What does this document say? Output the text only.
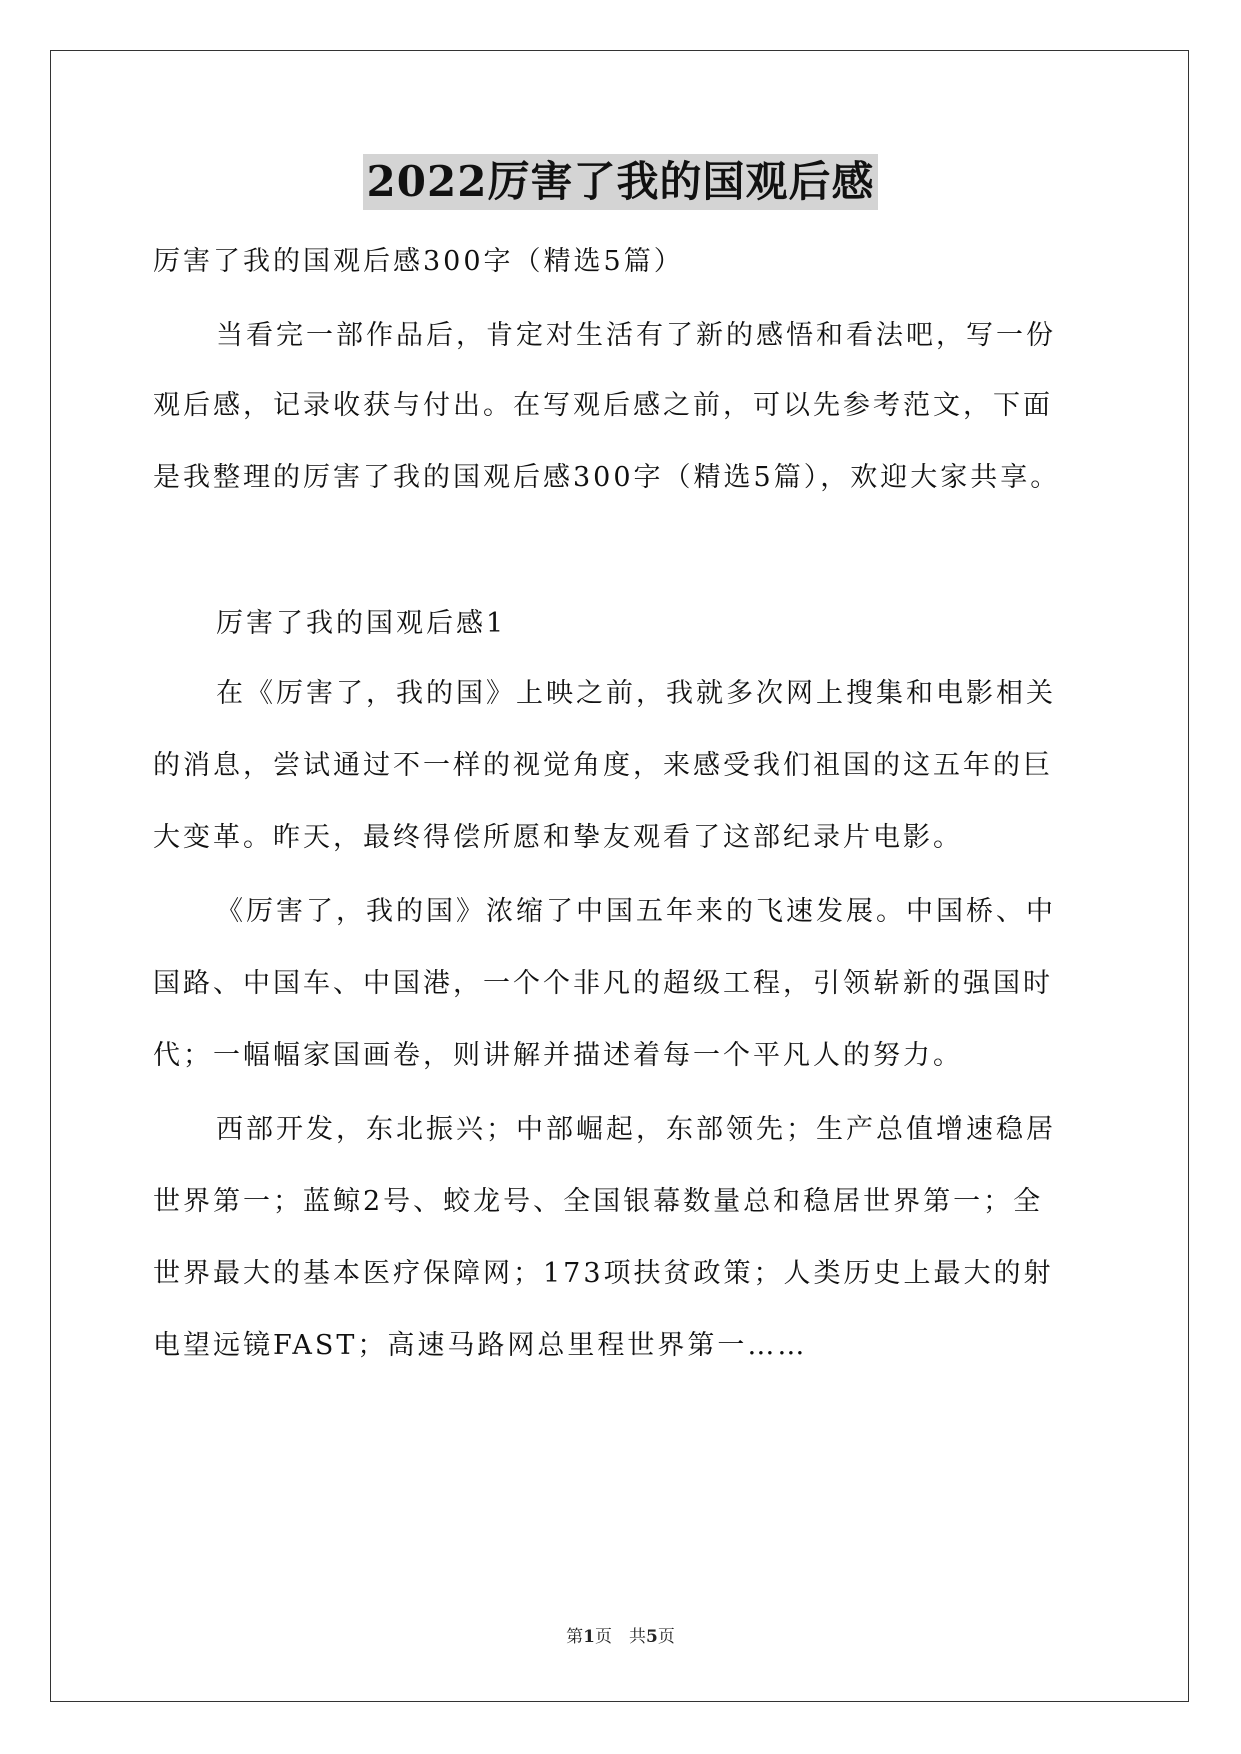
2022厉害了我的国观后感
厉害了我的国观后感300字（精选5篇）
当看完一部作品后，肯定对生活有了新的感悟和看法吧，写一份
观后感，记录收获与付出。在写观后感之前，可以先参考范文，下面
是我整理的厉害了我的国观后感300字（精选5篇），欢迎大家共享。
厉害了我的国观后感1
在《厉害了，我的国》上映之前，我就多次网上搜集和电影相关
的消息，尝试通过不一样的视觉角度，来感受我们祖国的这五年的巨
大变革。昨天，最终得偿所愿和挚友观看了这部纪录片电影。
《厉害了，我的国》浓缩了中国五年来的飞速发展。中国桥、中
国路、中国车、中国港，一个个非凡的超级工程，引领崭新的强国时
代；一幅幅家国画卷，则讲解并描述着每一个平凡人的努力。
西部开发，东北振兴；中部崛起，东部领先；生产总值增速稳居
世界第一；蓝鲸2号、蛟龙号、全国银幕数量总和稳居世界第一；全
世界最大的基本医疗保障网；173项扶贫政策；人类历史上最大的射
电望远镜FAST；高速马路网总里程世界第一……
第1页　共5页
